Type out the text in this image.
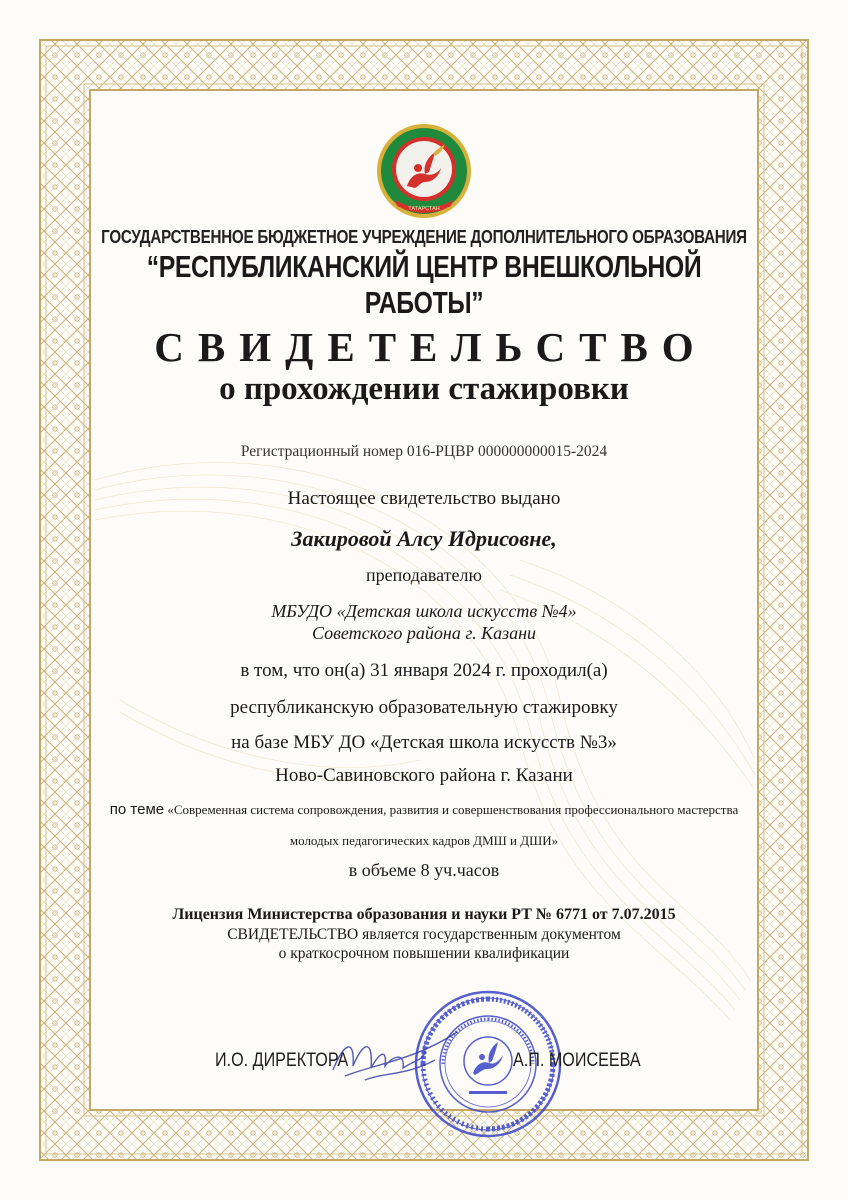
ТАТАРСТАН
ГОСУДАРСТВЕННОЕ БЮДЖЕТНОЕ УЧРЕЖДЕНИЕ ДОПОЛНИТЕЛЬНОГО ОБРАЗОВАНИЯ
“РЕСПУБЛИКАНСКИЙ ЦЕНТР ВНЕШКОЛЬНОЙ РАБОТЫ”
СВИДЕТЕЛЬСТВО
о прохождении стажировки
Регистрационный номер 016-РЦВР 000000000015-2024
Настоящее свидетельство выдано
Закировой Алсу Идрисовне,
преподавателю
МБУДО «Детская школа искусств №4»
Советского района г. Казани
в том, что он(а) 31 января 2024 г. проходил(а)
республиканскую образовательную стажировку
на базе МБУ ДО «Детская школа искусств №3»
Ново-Савиновского района г. Казани
по теме «Современная система сопровождения, развития и совершенствования профессионального мастерства
молодых педагогических кадров ДМШ и ДШИ»
в объеме 8 уч.часов
Лицензия Министерства образования и науки РТ № 6771 от 7.07.2015
СВИДЕТЕЛЬСТВО является государственным документом
о краткосрочном повышении квалификации
И.О. ДИРЕКТОРА	А.П. МОИСЕЕВА
